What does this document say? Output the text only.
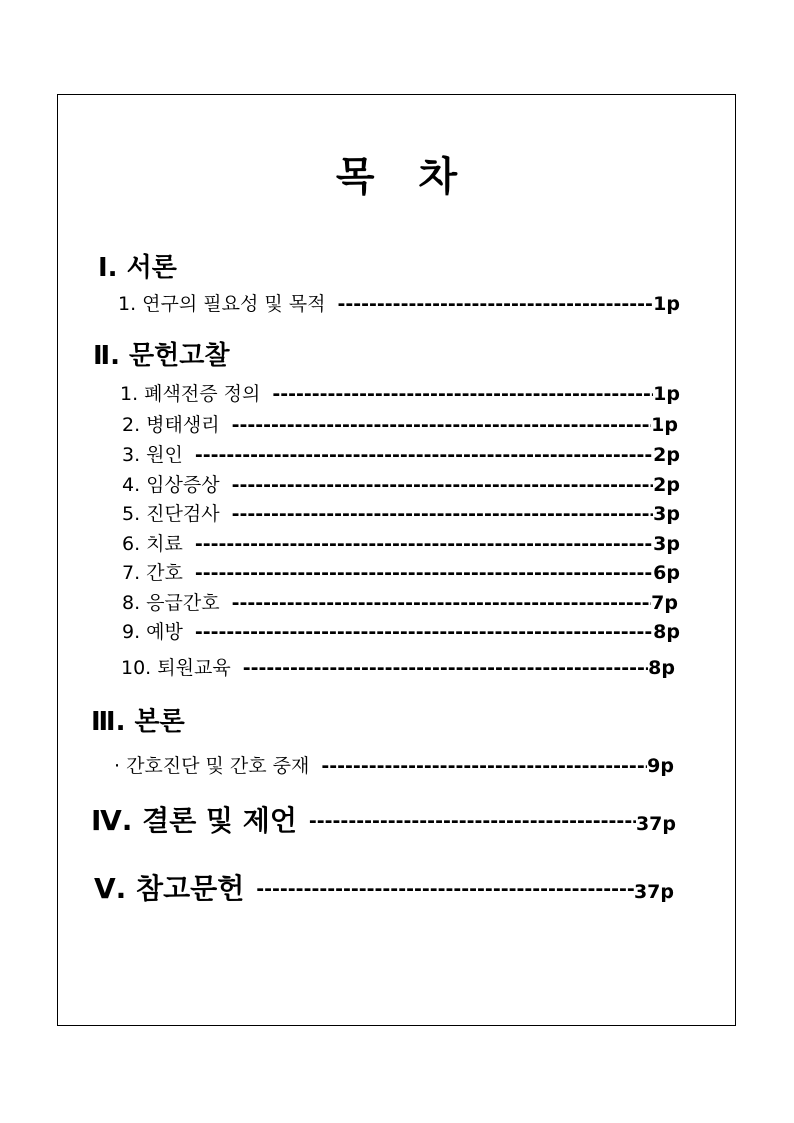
목 차
Ⅰ. 서론
1. 연구의 필요성 및 목적 -----	1p
Ⅱ. 문헌고찰
1. 폐색전증 정의 -----	1p
2. 병태생리 -----	1p
3. 원인 -----	2p
4. 임상증상 -----	2p
5. 진단검사 -----	3p
6. 치료 -----	3p
7. 간호 -----	6p
8. 응급간호 -----	7p
9. 예방 -----	8p
10. 퇴원교육 -----	8p
Ⅲ. 본론
· 간호진단 및 간호 중재 -----	9p
Ⅳ. 결론 및 제언 -----	37p
Ⅴ. 참고문헌 -----	37p
